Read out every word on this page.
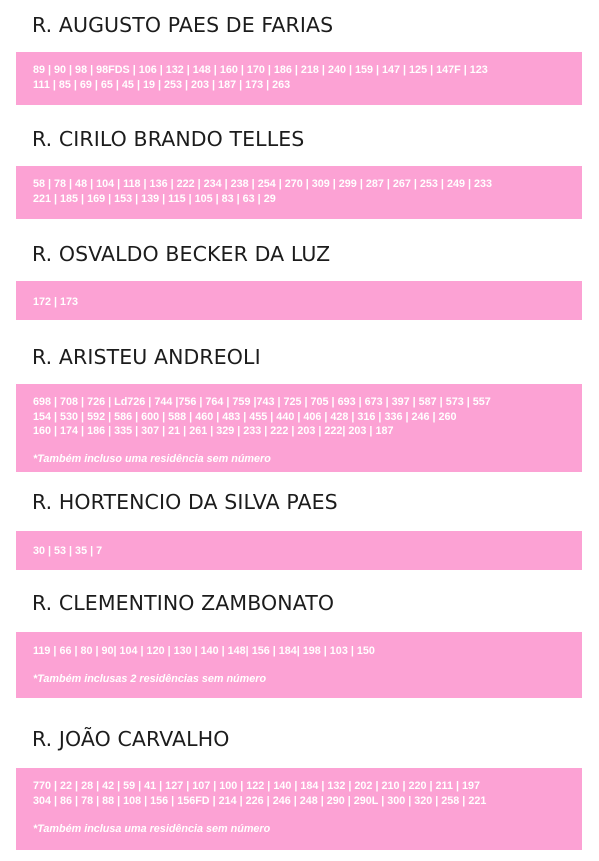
R. AUGUSTO PAES DE FARIAS
89 | 90 | 98 | 98FDS | 106 | 132 | 148 | 160 | 170 | 186 | 218 | 240 | 159 | 147 | 125 | 147F | 123
111 | 85 | 69 | 65 | 45 | 19 | 253 | 203 | 187 | 173 | 263
R. CIRILO BRANDO TELLES
58 | 78 | 48 | 104 | 118 | 136 | 222 | 234 | 238 | 254 | 270 | 309 | 299 | 287 | 267 | 253 | 249 | 233
221 | 185 | 169 | 153 | 139 | 115 | 105 | 83 | 63 | 29
R. OSVALDO BECKER DA LUZ
172 | 173
R. ARISTEU ANDREOLI
698 | 708 | 726 | Ld726 | 744 |756 | 764 | 759 |743 | 725 | 705 | 693 | 673 | 397 | 587 | 573 | 557
154 | 530 | 592 | 586 | 600 | 588 | 460 | 483 | 455 | 440 | 406 | 428 | 316 | 336 | 246 | 260
160 | 174 | 186 | 335 | 307 | 21 | 261 | 329 | 233 | 222 | 203 | 222| 203 | 187
*Também incluso uma residência sem número
R. HORTENCIO DA SILVA PAES
30 | 53 | 35 | 7
R. CLEMENTINO ZAMBONATO
119 | 66 | 80 | 90| 104 | 120 | 130 | 140 | 148| 156 | 184| 198 | 103 | 150
*Também inclusas 2 residências sem número
R. JOÃO CARVALHO
770 | 22 | 28 | 42 | 59 | 41 | 127 | 107 | 100 | 122 | 140 | 184 | 132 | 202 | 210 | 220 | 211 | 197
304 | 86 | 78 | 88 | 108 | 156 | 156FD | 214 | 226 | 246 | 248 | 290 | 290L | 300 | 320 | 258 | 221
*Também inclusa uma residência sem número
